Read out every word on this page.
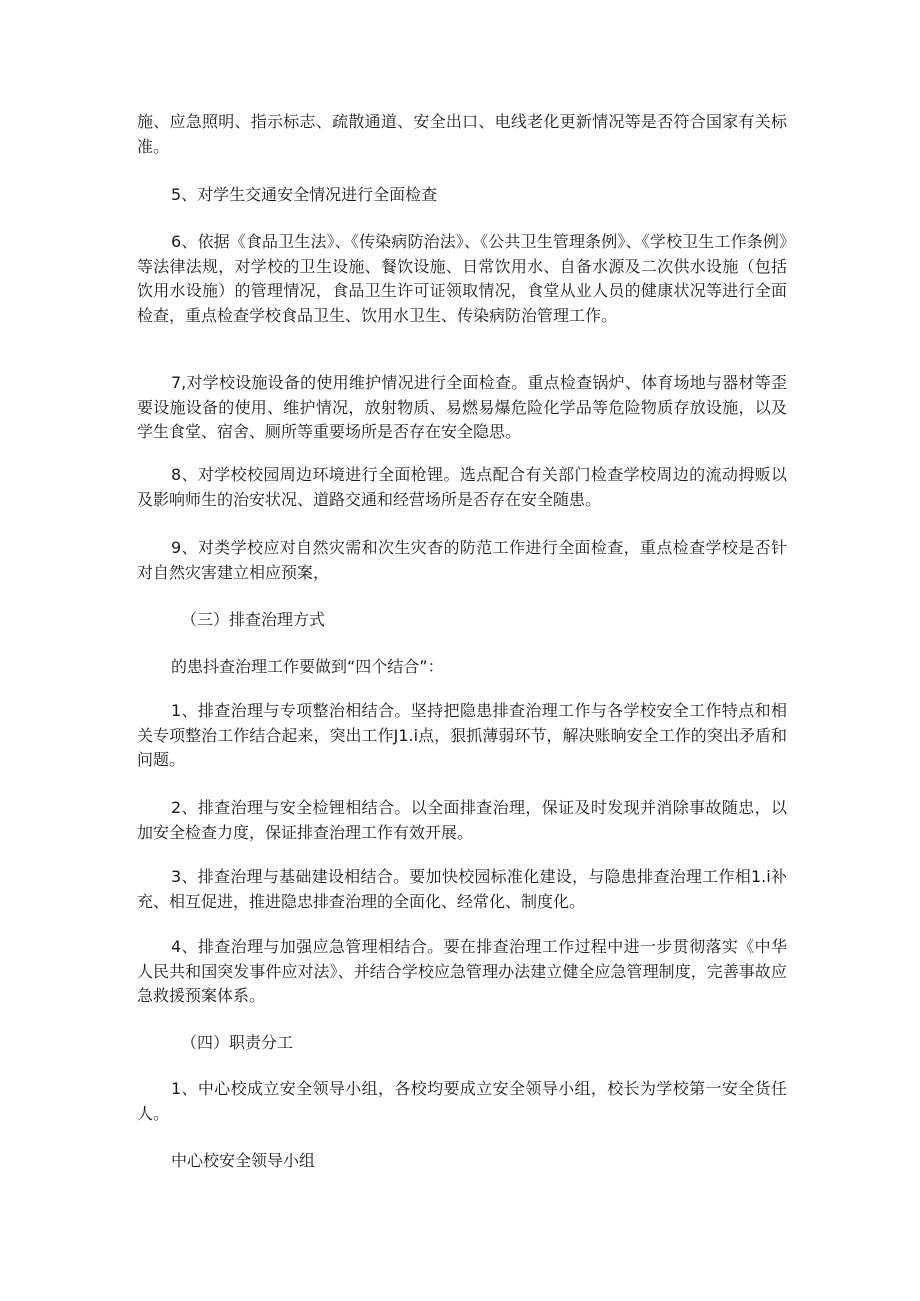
施、应急照明、指示标志、疏散通道、安全出口、电线老化更新情况等是否符合国家有关标准。

5、对学生交通安全情况进行全面检查

6、依据《食品卫生法》、《传染病防治法》、《公共卫生管理条例》、《学校卫生工作条例》等法律法规，对学校的卫生设施、餐饮设施、日常饮用水、自备水源及二次供水设施（包括饮用水设施）的管理情况，食品卫生许可证领取情况，食堂从业人员的健康状况等进行全面检查，重点检查学校食品卫生、饮用水卫生、传染病防治管理工作。

7,对学校设施设备的使用维护情况进行全面检查。重点检查锅炉、体育场地与器材等歪要设施设备的使用、维护情况，放射物质、易燃易爆危险化学品等危险物质存放设施，以及学生食堂、宿舍、厕所等重要场所是否存在安全隐思。

8、对学校校园周边环境进行全面枪锂。选点配合有关部门检查学校周边的流动拇贩以及影响师生的治安状况、道路交通和经营场所是否存在安全随患。

9、对类学校应对自然灾需和次生灾杳的防范工作进行全面检查，重点检查学校是否针对自然灾害建立相应预案，

（三）排查治理方式

的患抖查治理工作要做到“四个结合”：

1、排查治理与专项整治相结合。坚持把隐患排查治理工作与各学校安全工作特点和相关专项整治工作结合起来，突出工作J1.i点，狠抓薄弱环节，解决账晌安全工作的突出矛盾和问题。

2、排查治理与安全检锂相结合。以全面排查治理，保证及时发现并消除事故随忠，以加安全检查力度，保证排查治理工作有效开展。

3、排查治理与基础建设相结合。要加快校园标准化建设，与隐患排查治理工作相1.i补充、相互促进，推进隐忠排查治理的全面化、经常化、制度化。

4、排查治理与加强应急管理相结合。要在排查治理工作过程中进一步贯彻落实《中华人民共和国突发事件应对法》、并结合学校应急管理办法建立健全应急管理制度，完善事故应急救援预案体系。

（四）职责分工

1、中心校成立安全领导小组，各校均要成立安全领导小组，校长为学校第一安全货任人。

中心校安全领导小组
